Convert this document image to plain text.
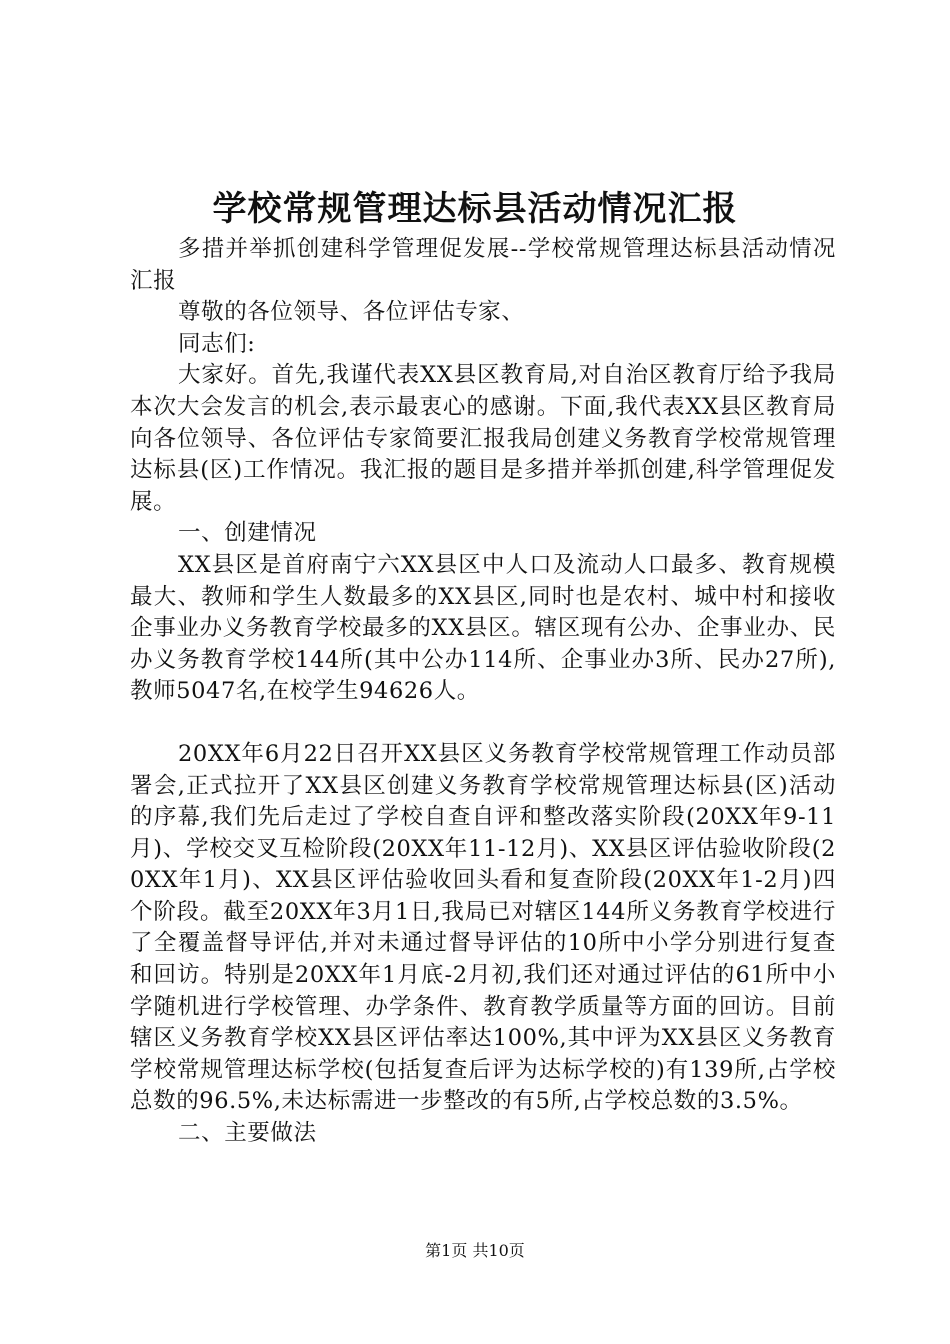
学校常规管理达标县活动情况汇报

多措并举抓创建科学管理促发展--学校常规管理达标县活动情况汇报

尊敬的各位领导、各位评估专家、

同志们:

大家好。首先,我谨代表XX县区教育局,对自治区教育厅给予我局本次大会发言的机会,表示最衷心的感谢。下面,我代表XX县区教育局向各位领导、各位评估专家简要汇报我局创建义务教育学校常规管理达标县(区)工作情况。我汇报的题目是多措并举抓创建,科学管理促发展。

一、创建情况

XX县区是首府南宁六XX县区中人口及流动人口最多、教育规模最大、教师和学生人数最多的XX县区,同时也是农村、城中村和接收企事业办义务教育学校最多的XX县区。辖区现有公办、企事业办、民办义务教育学校144所(其中公办114所、企事业办3所、民办27所),教师5047名,在校学生94626人。

20XX年6月22日召开XX县区义务教育学校常规管理工作动员部署会,正式拉开了XX县区创建义务教育学校常规管理达标县(区)活动的序幕,我们先后走过了学校自查自评和整改落实阶段(20XX年9-11月)、学校交叉互检阶段(20XX年11-12月)、XX县区评估验收阶段(20XX年1月)、XX县区评估验收回头看和复查阶段(20XX年1-2月)四个阶段。截至20XX年3月1日,我局已对辖区144所义务教育学校进行了全覆盖督导评估,并对未通过督导评估的10所中小学分别进行复查和回访。特别是20XX年1月底-2月初,我们还对通过评估的61所中小学随机进行学校管理、办学条件、教育教学质量等方面的回访。目前辖区义务教育学校XX县区评估率达100%,其中评为XX县区义务教育学校常规管理达标学校(包括复查后评为达标学校的)有139所,占学校总数的96.5%,未达标需进一步整改的有5所,占学校总数的3.5%。

二、主要做法

第1页 共10页
